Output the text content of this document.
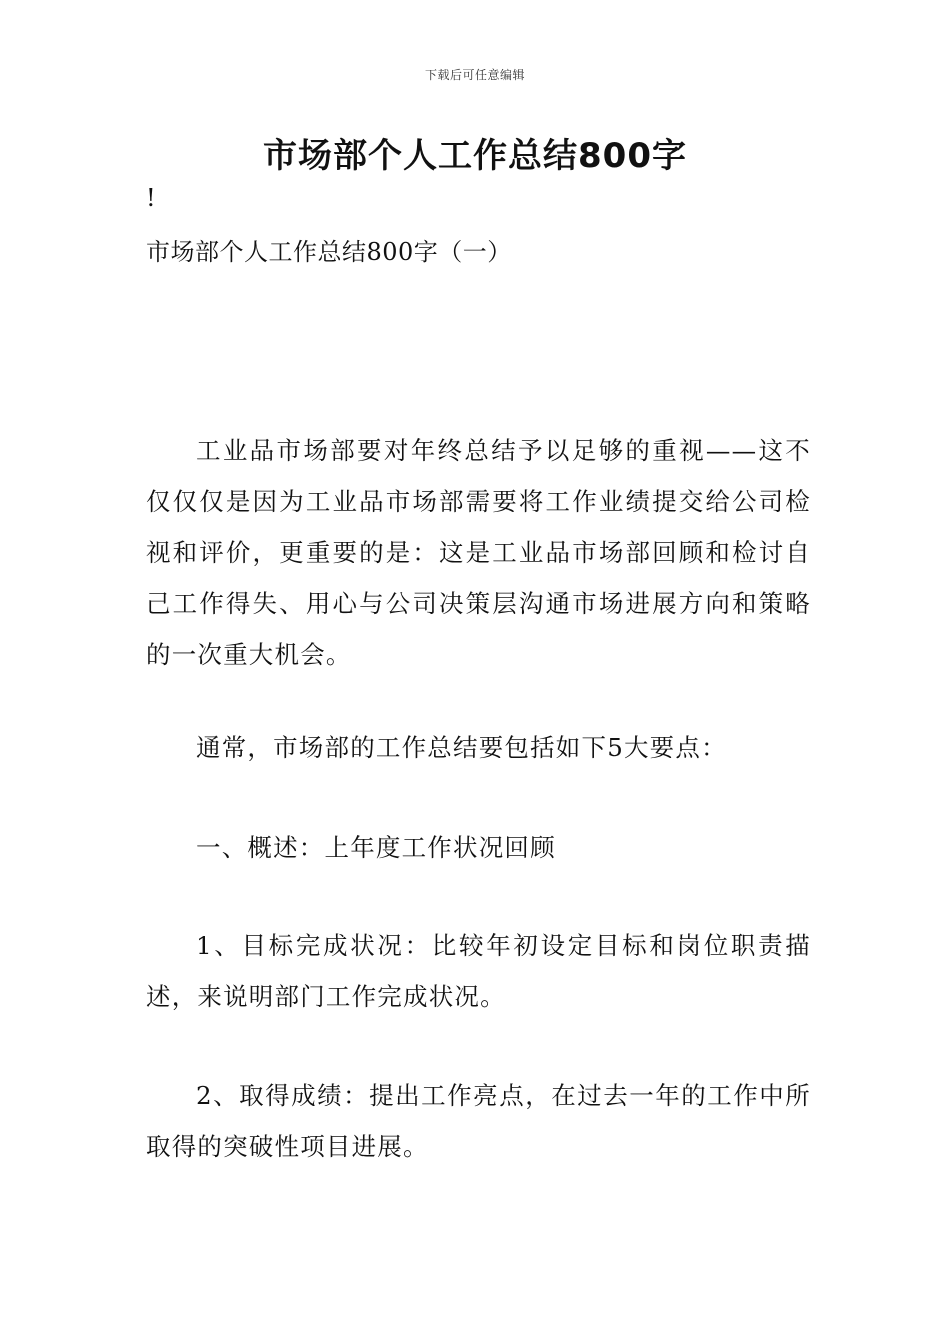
下载后可任意编辑
市场部个人工作总结800字
!
市场部个人工作总结800字（一）

工业品市场部要对年终总结予以足够的重视——这不仅仅仅是因为工业品市场部需要将工作业绩提交给公司检视和评价，更重要的是：这是工业品市场部回顾和检讨自己工作得失、用心与公司决策层沟通市场进展方向和策略的一次重大机会。

通常，市场部的工作总结要包括如下5大要点：

一、概述：上年度工作状况回顾

1、目标完成状况：比较年初设定目标和岗位职责描述，来说明部门工作完成状况。

2、取得成绩：提出工作亮点，在过去一年的工作中所取得的突破性项目进展。
